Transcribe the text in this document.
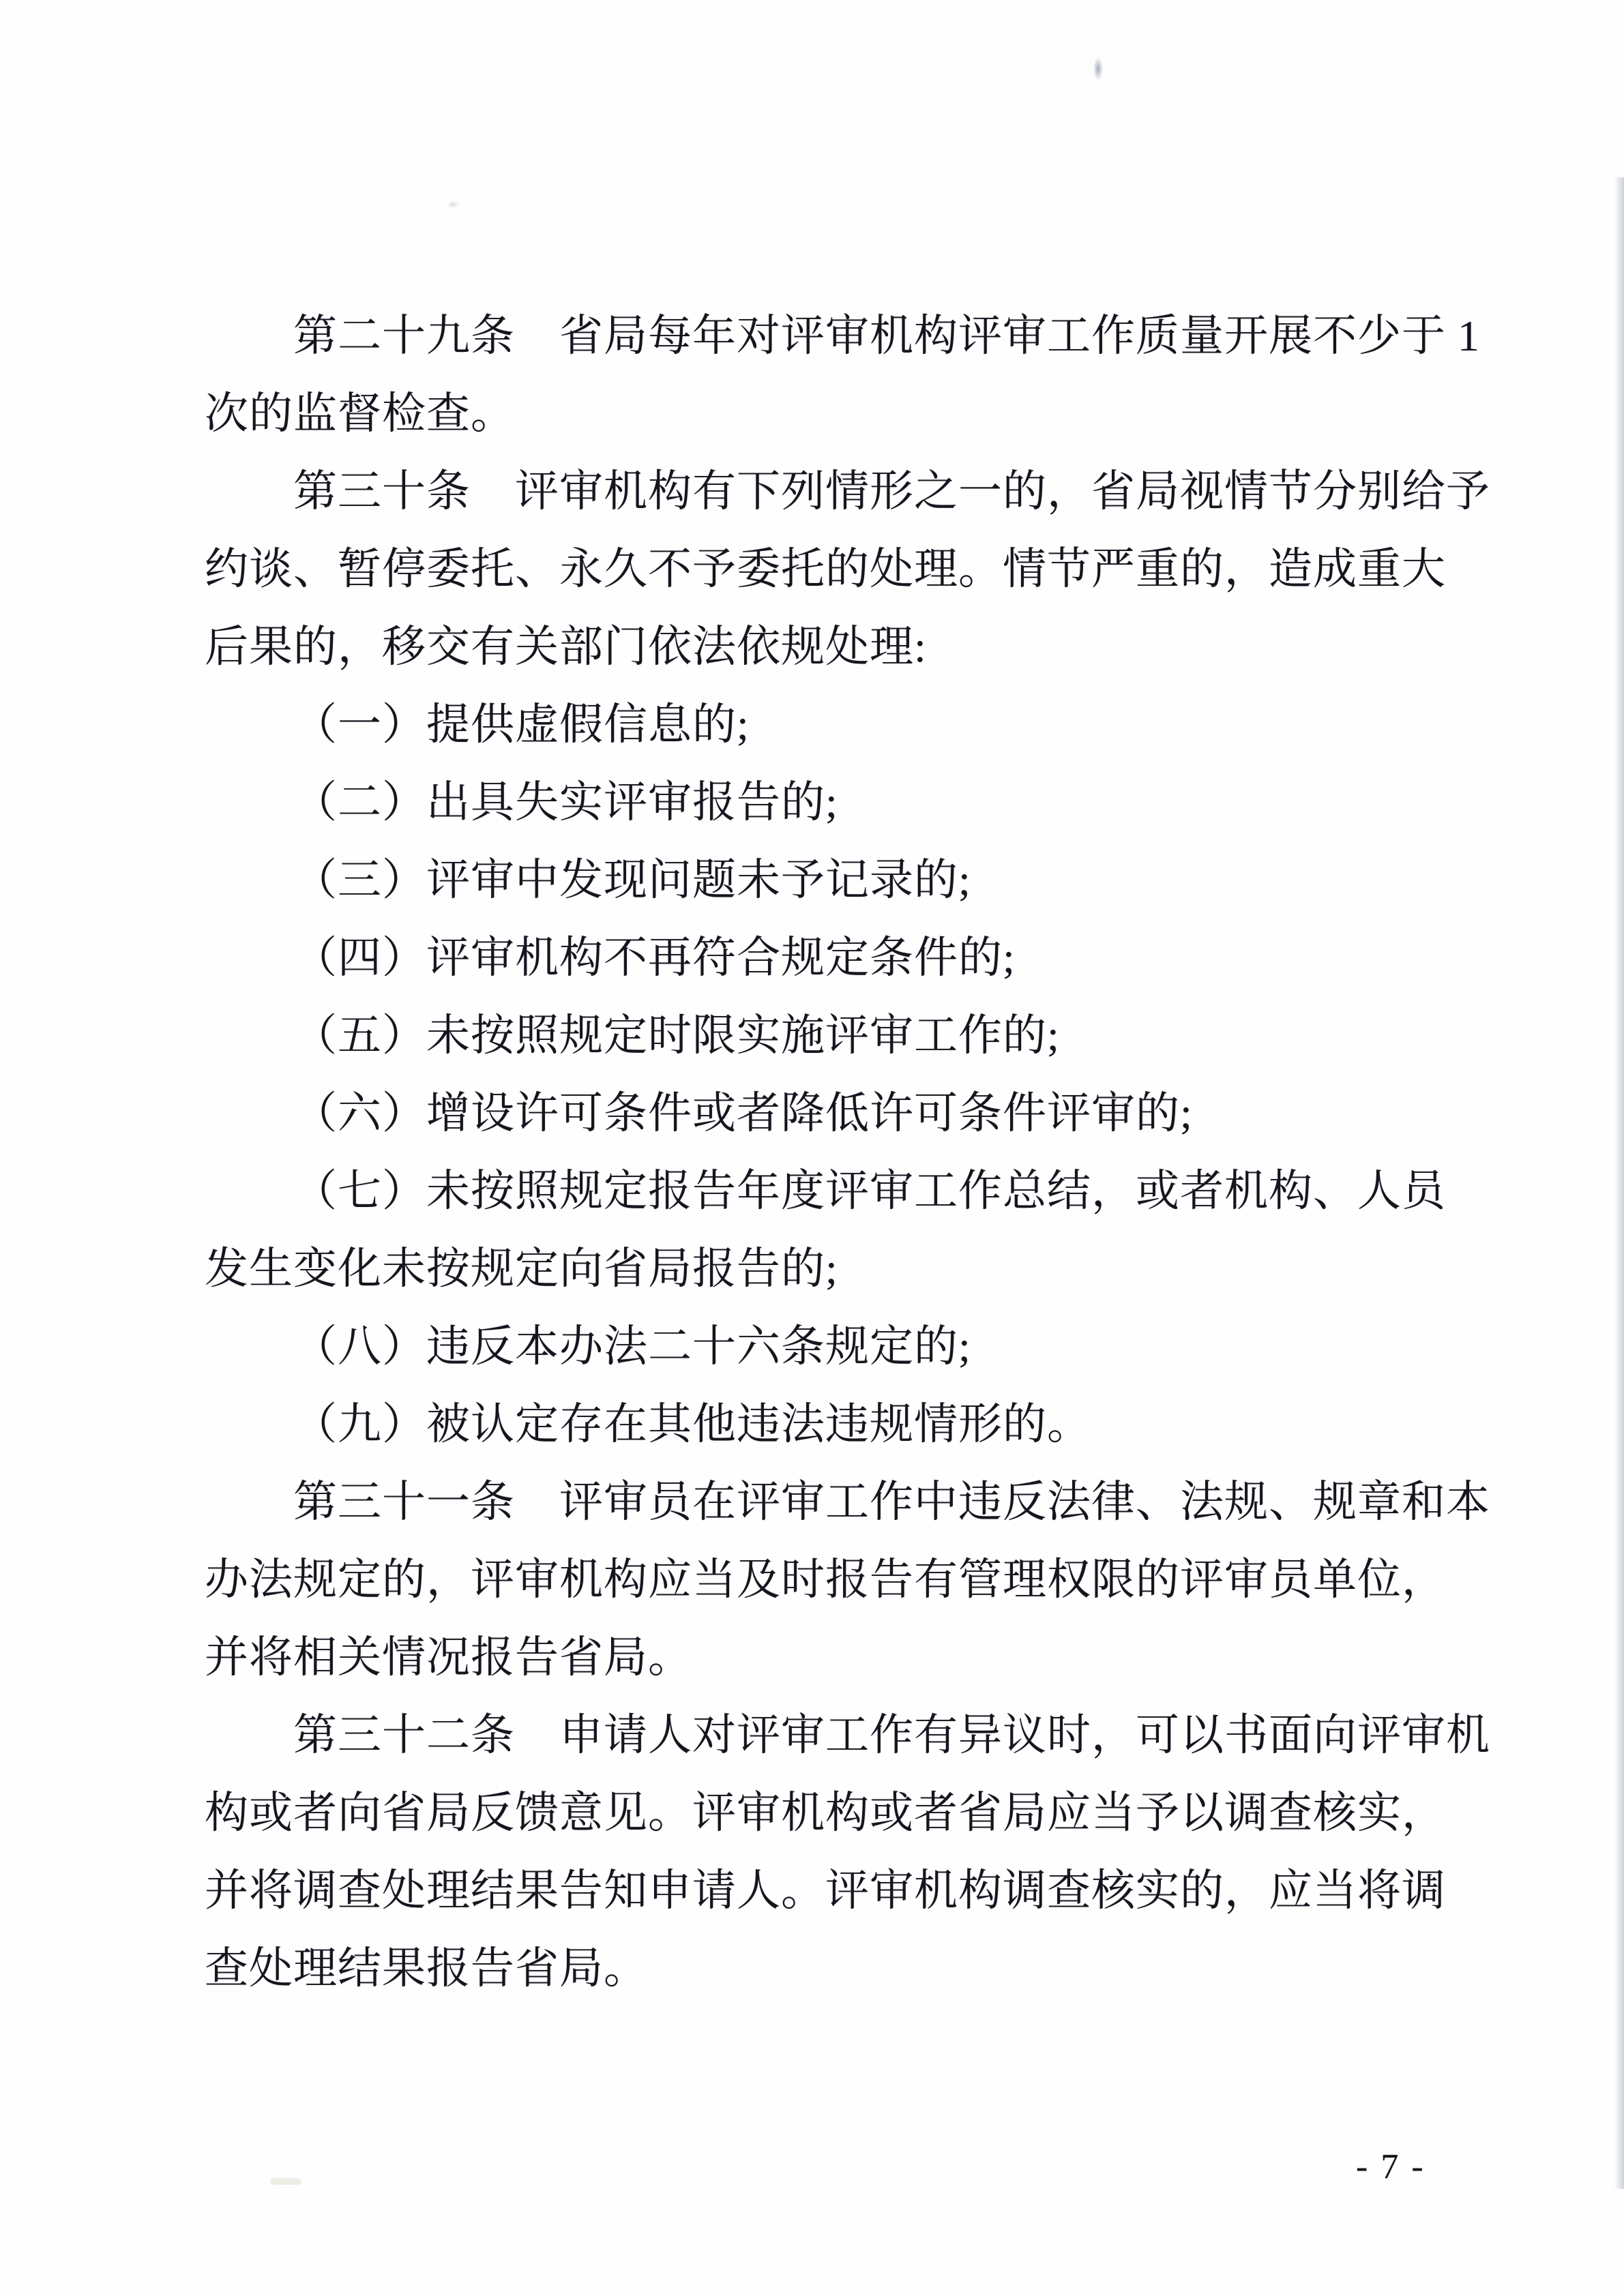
第二十九条　省局每年对评审机构评审工作质量开展不少于 1
次的监督检查。
第三十条　评审机构有下列情形之一的，省局视情节分别给予
约谈、暂停委托、永久不予委托的处理。情节严重的，造成重大
后果的，移交有关部门依法依规处理:
（一）提供虚假信息的;
（二）出具失实评审报告的;
（三）评审中发现问题未予记录的;
（四）评审机构不再符合规定条件的;
（五）未按照规定时限实施评审工作的;
（六）增设许可条件或者降低许可条件评审的;
（七）未按照规定报告年度评审工作总结，或者机构、人员
发生变化未按规定向省局报告的;
（八）违反本办法二十六条规定的;
（九）被认定存在其他违法违规情形的。
第三十一条　评审员在评审工作中违反法律、法规、规章和本
办法规定的，评审机构应当及时报告有管理权限的评审员单位，
并将相关情况报告省局。
第三十二条　申请人对评审工作有异议时，可以书面向评审机
构或者向省局反馈意见。评审机构或者省局应当予以调查核实，
并将调查处理结果告知申请人。评审机构调查核实的，应当将调
查处理结果报告省局。
- 7 -
